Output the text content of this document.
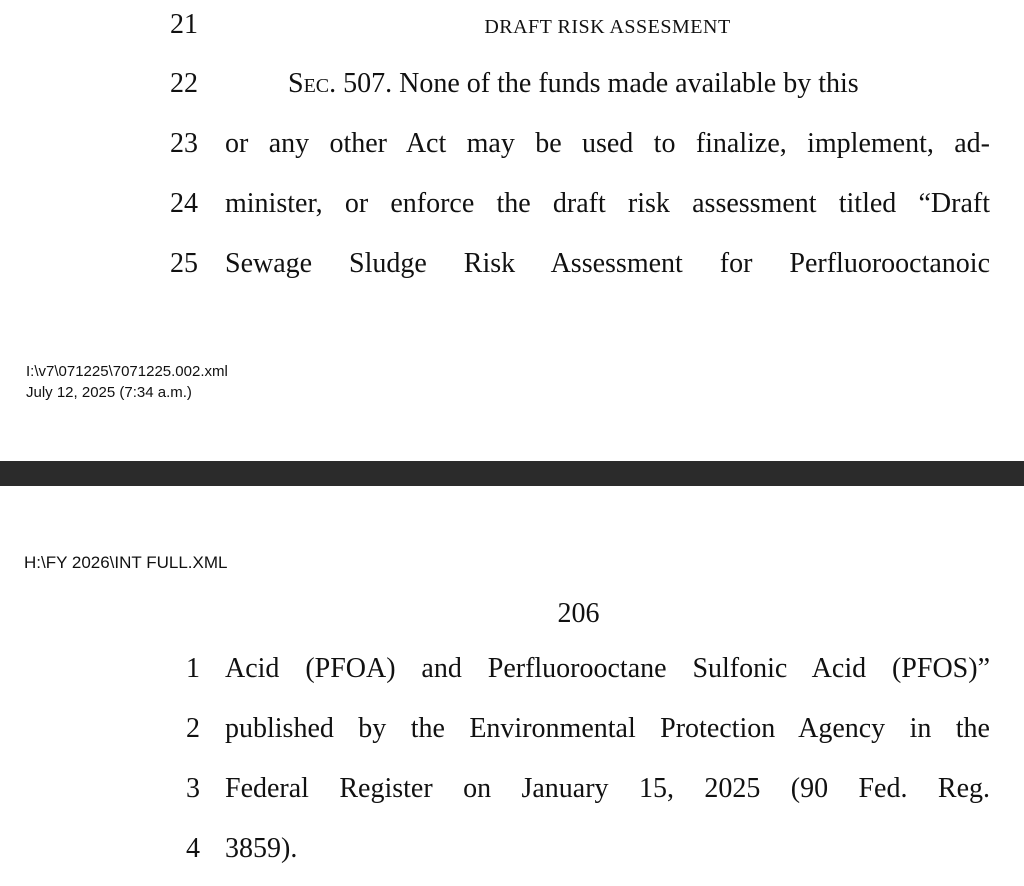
21	DRAFT RISK ASSESMENT
22	Sec. 507. None of the funds made available by this
23 or any other Act may be used to finalize, implement, ad-
24 minister, or enforce the draft risk assessment titled “Draft
25 Sewage Sludge Risk Assessment for Perfluorooctanoic
I:\v7\071225\7071225.002.xml
July 12, 2025 (7:34 a.m.)
H:\FY 2026\INT FULL.XML
206
1 Acid (PFOA) and Perfluorooctane Sulfonic Acid (PFOS)”
2 published by the Environmental Protection Agency in the
3 Federal Register on January 15, 2025 (90 Fed. Reg.
4 3859).
